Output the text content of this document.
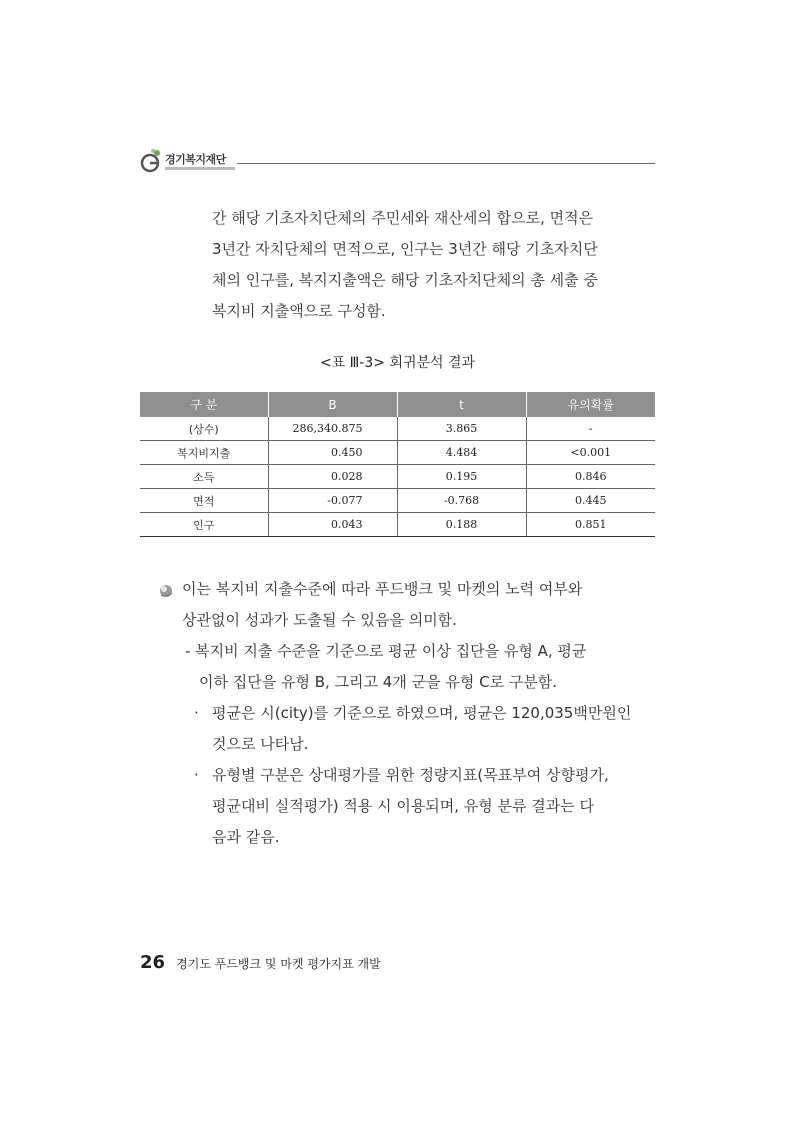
경기복지재단

간 해당 기초자치단체의 주민세와 재산세의 합으로, 면적은
3년간 자치단체의 면적으로, 인구는 3년간 해당 기초자치단
체의 인구를, 복지지출액은 해당 기초자치단체의 총 세출 중
복지비 지출액으로 구성함.

<표 Ⅲ-3> 회귀분석 결과
구 분	B	t	유의확률
(상수)	286,340.875	3.865	-
복지비지출	0.450	4.484	<0.001
소득	0.028	0.195	0.846
면적	-0.077	-0.768	0.445
인구	0.043	0.188	0.851
이는 복지비 지출수준에 따라 푸드뱅크 및 마켓의 노력 여부와
상관없이 성과가 도출될 수 있음을 의미함.
- 복지비 지출 수준을 기준으로 평균 이상 집단을 유형 A, 평균
이하 집단을 유형 B, 그리고 4개 군을 유형 C로 구분함.
· 평균은 시(city)를 기준으로 하였으며, 평균은 120,035백만원인
것으로 나타남.
· 유형별 구분은 상대평가를 위한 정량지표(목표부여 상향평가,
평균대비 실적평가) 적용 시 이용되며, 유형 분류 결과는 다
음과 같음.
26 경기도 푸드뱅크 및 마켓 평가지표 개발
